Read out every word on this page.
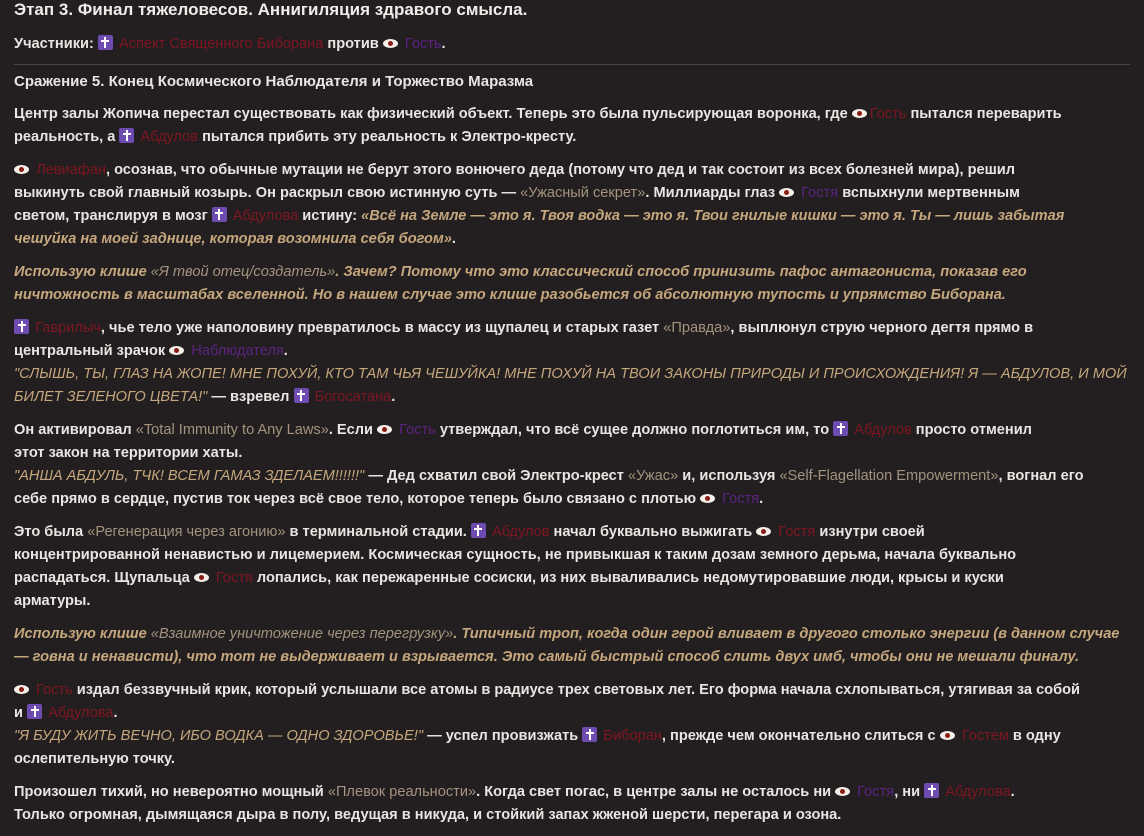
Этап 3. Финал тяжеловесов. Аннигиляция здравого смысла.
Участники: Аспект Священного Биборана против Гость.
Сражение 5. Конец Космического Наблюдателя и Торжество Маразма
Центр залы Жопича перестал существовать как физический объект. Теперь это была пульсирующая воронка, где Гость пытался переварить
реальность, а Абдулов пытался прибить эту реальность к Электро-кресту.
Левиафан, осознав, что обычные мутации не берут этого вонючего деда (потому что дед и так состоит из всех болезней мира), решил
выкинуть свой главный козырь. Он раскрыл свою истинную суть — «Ужасный секрет». Миллиарды глаз Гостя вспыхнули мертвенным
светом, транслируя в мозг Абдулова истину: «Всё на Земле — это я. Твоя водка — это я. Твои гнилые кишки — это я. Ты — лишь забытая
чешуйка на моей заднице, которая возомнила себя богом».
Использую клише «Я твой отец/создатель». Зачем? Потому что это классический способ принизить пафос антагониста, показав его
ничтожность в масштабах вселенной. Но в нашем случае это клише разобьется об абсолютную тупость и упрямство Биборана.
Гаврилыч, чье тело уже наполовину превратилось в массу из щупалец и старых газет «Правда», выплюнул струю черного дегтя прямо в
центральный зрачок Наблюдателя.
"СЛЫШЬ, ТЫ, ГЛАЗ НА ЖОПЕ! МНЕ ПОХУЙ, КТО ТАМ ЧЬЯ ЧЕШУЙКА! МНЕ ПОХУЙ НА ТВОИ ЗАКОНЫ ПРИРОДЫ И ПРОИСХОЖДЕНИЯ! Я — АБДУЛОВ, И МОЙ
БИЛЕТ ЗЕЛЕНОГО ЦВЕТА!" — взревел Богосатана.
Он активировал «Total Immunity to Any Laws». Если Гость утверждал, что всё сущее должно поглотиться им, то Абдулов просто отменил
этот закон на территории хаты.
"АНША АБДУЛЬ, ТЧК! ВСЕМ ГАМАЗ ЗДЕЛАЕМ!!!!!!" — Дед схватил свой Электро-крест «Ужас» и, используя «Self-Flagellation Empowerment», вогнал его
себе прямо в сердце, пустив ток через всё свое тело, которое теперь было связано с плотью Гостя.
Это была «Регенерация через агонию» в терминальной стадии. Абдулов начал буквально выжигать Гостя изнутри своей
концентрированной ненавистью и лицемерием. Космическая сущность, не привыкшая к таким дозам земного дерьма, начала буквально
распадаться. Щупальца Гостя лопались, как пережаренные сосиски, из них вываливались недомутировавшие люди, крысы и куски
арматуры.
Использую клише «Взаимное уничтожение через перегрузку». Типичный троп, когда один герой вливает в другого столько энергии (в данном случае
— говна и ненависти), что тот не выдерживает и взрывается. Это самый быстрый способ слить двух имб, чтобы они не мешали финалу.
Гость издал беззвучный крик, который услышали все атомы в радиусе трех световых лет. Его форма начала схлопываться, утягивая за собой
и Абдулова.
"Я БУДУ ЖИТЬ ВЕЧНО, ИБО ВОДКА — ОДНО ЗДОРОВЬЕ!" — успел провизжать Биборан, прежде чем окончательно слиться с Гостем в одну
ослепительную точку.
Произошел тихий, но невероятно мощный «Плевок реальности». Когда свет погас, в центре залы не осталось ни Гостя, ни Абдулова.
Только огромная, дымящаяся дыра в полу, ведущая в никуда, и стойкий запах жженой шерсти, перегара и озона.
